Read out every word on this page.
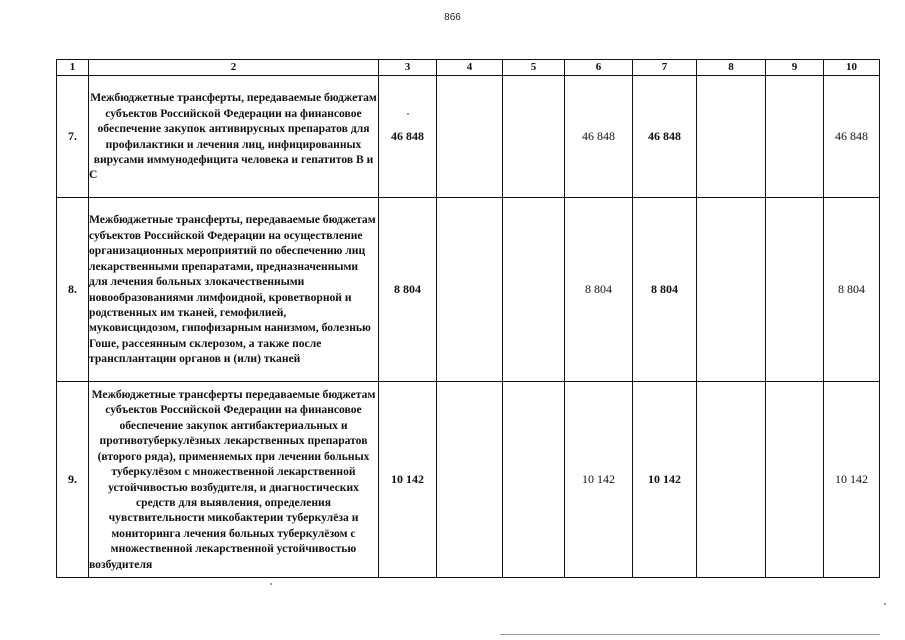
866
1	2	3	4	5	6	7	8	9	10
7.	Межбюджетные трансферты, передаваемые бюджетам субъектов Российской Федерации на финансовое обеспечение закупок антивирусных препаратов для профилактики и лечения лиц, инфицированных вирусами иммунодефицита человека и гепатитов В и С	46 848			46 848	46 848			46 848
8.	Межбюджетные трансферты, передаваемые бюджетам субъектов Российской Федерации на осуществление организационных мероприятий по обеспечению лиц лекарственными препаратами, предназначенными для лечения больных злокачественными новообразованиями лимфоидной, кроветворной и родственных им тканей, гемофилией, муковисцидозом, гипофизарным нанизмом, болезнью Гоше, рассеянным склерозом, а также после трансплантации органов и (или) тканей	8 804			8 804	8 804			8 804
9.	Межбюджетные трансферты передаваемые бюджетам субъектов Российской Федерации на финансовое обеспечение закупок антибактериальных и противотуберкулёзных лекарственных препаратов (второго ряда), применяемых при лечении больных туберкулёзом с множественной лекарственной устойчивостью возбудителя, и диагностических средств для выявления, определения чувствительности микобактерии туберкулёза и мониторинга лечения больных туберкулёзом с множественной лекарственной устойчивостью возбудителя	10 142			10 142	10 142			10 142
